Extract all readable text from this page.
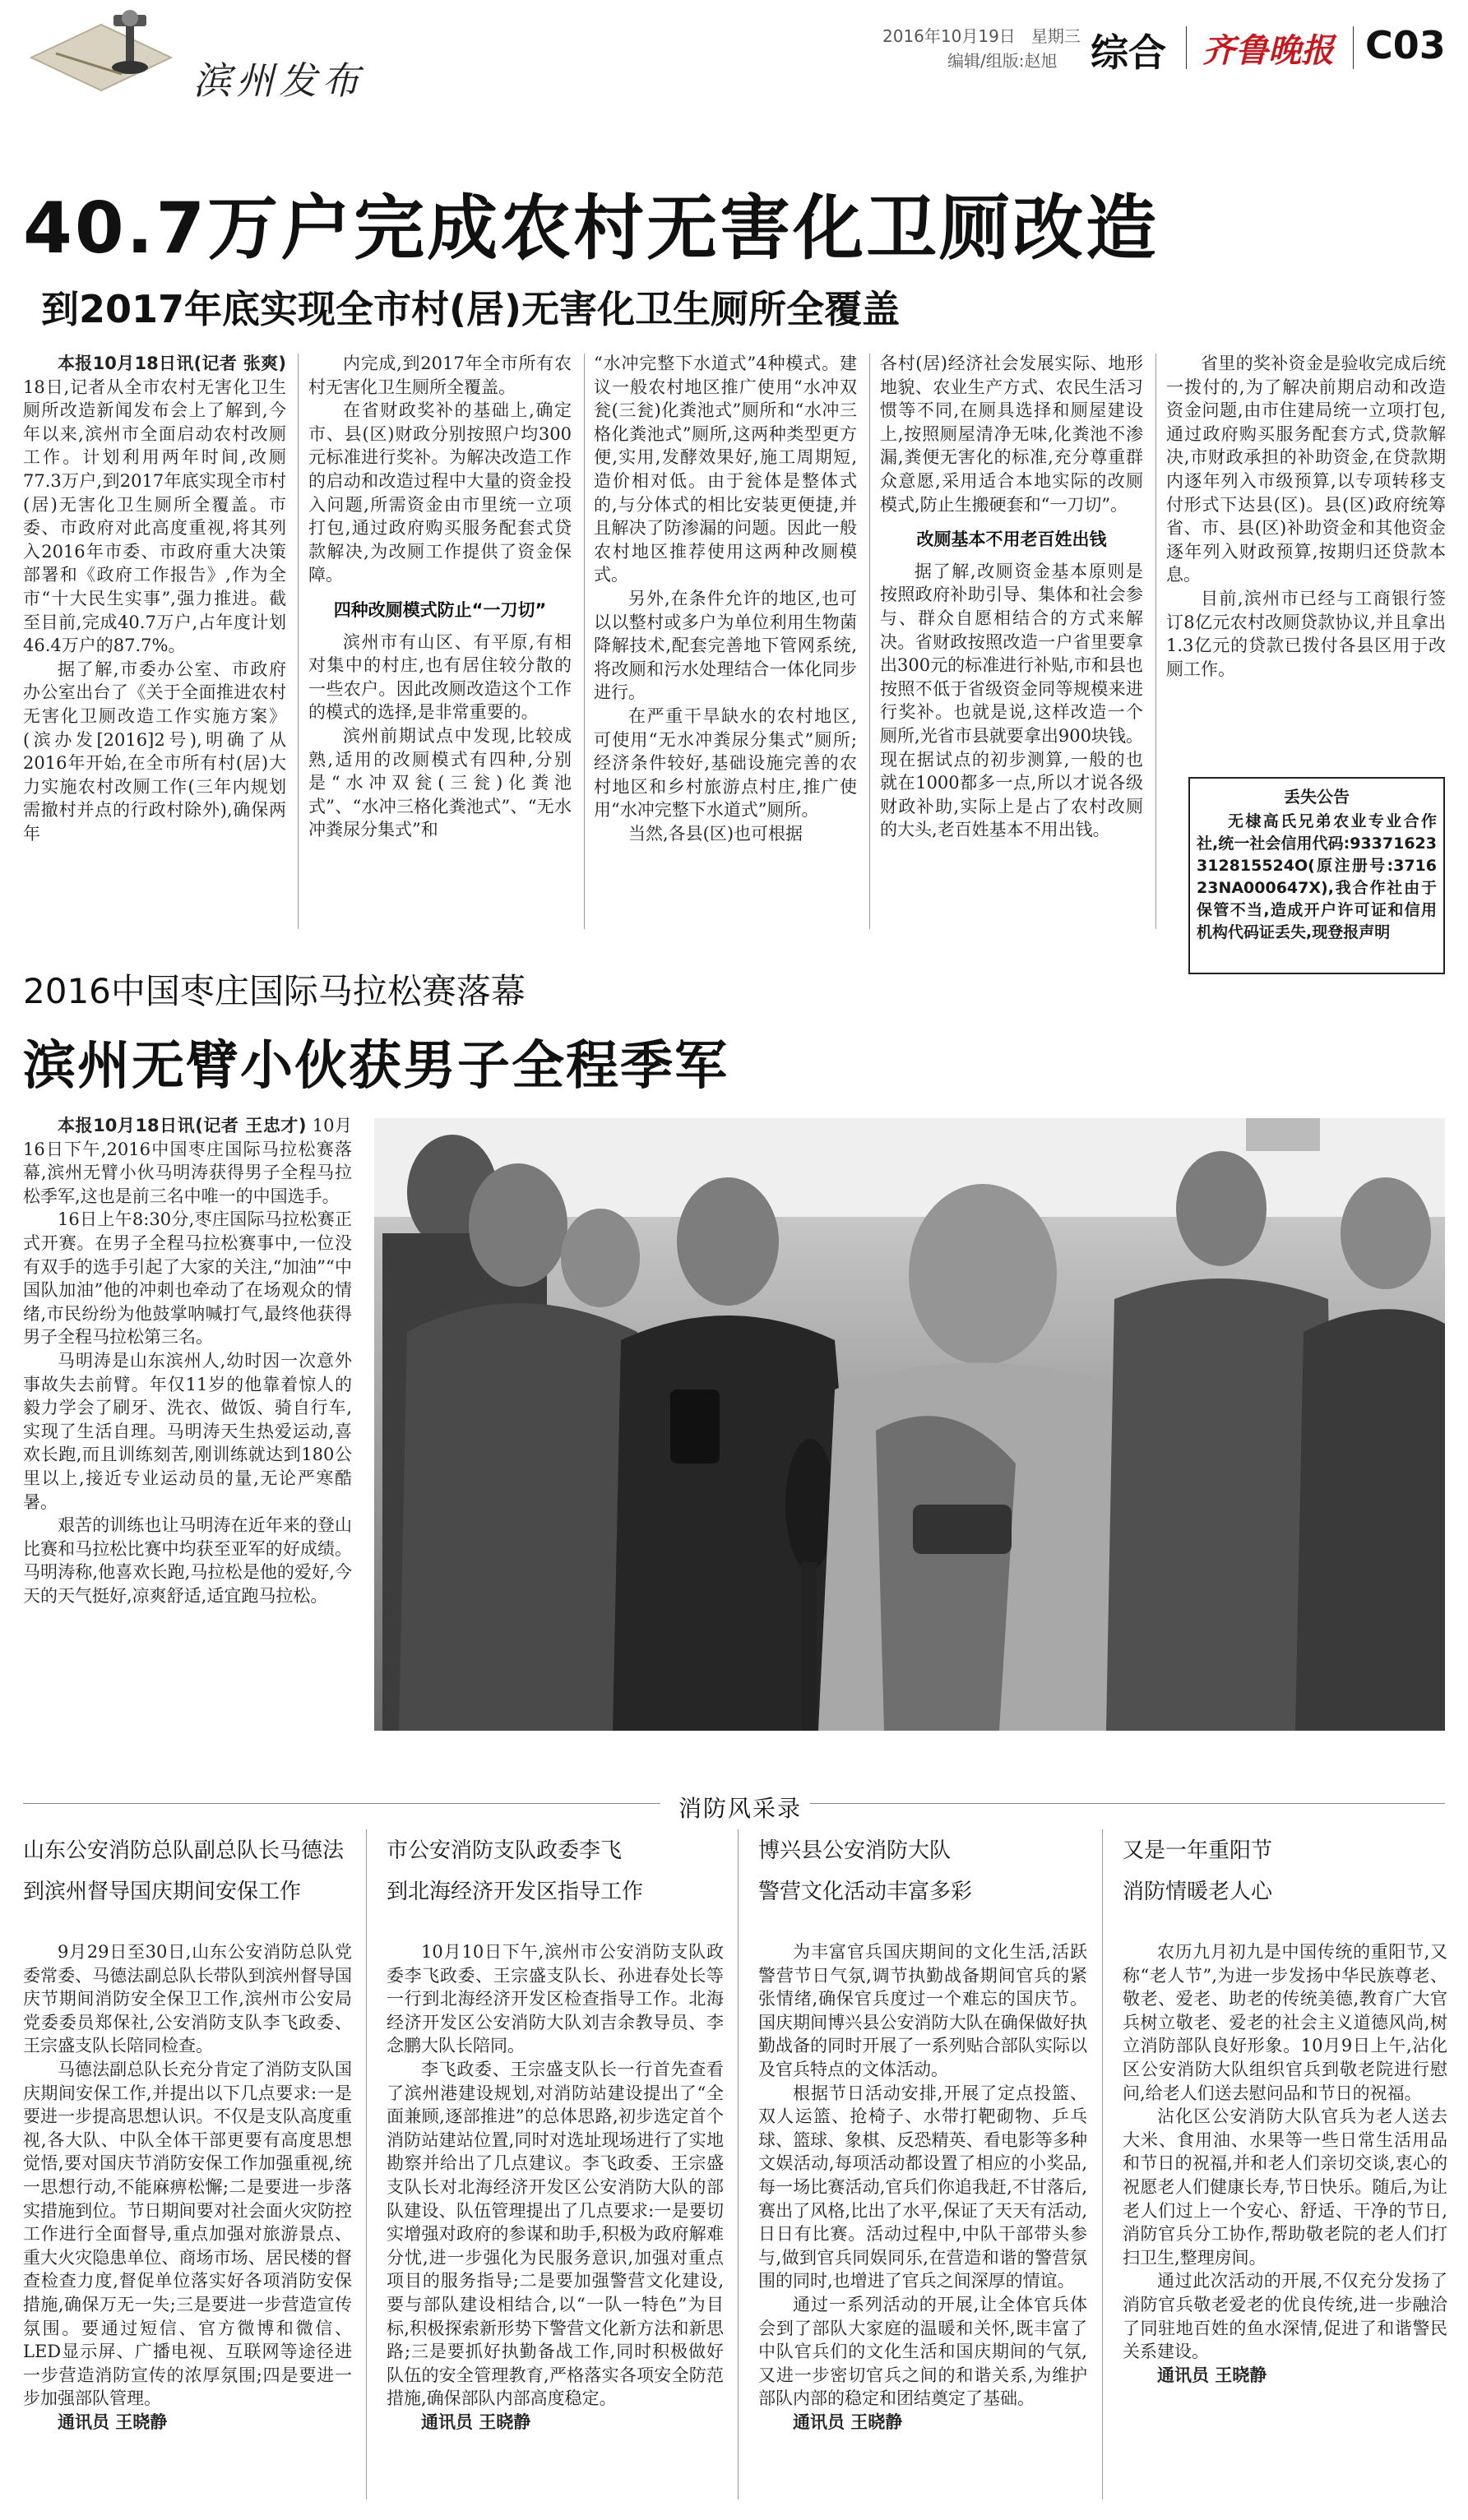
滨州发布
2016年10月19日   星期三
编辑/组版:赵旭 综合 齐鲁晚报 C03
40.7万户完成农村无害化卫厕改造
到2017年底实现全市村(居)无害化卫生厕所全覆盖

本报10月18日讯(记者 张爽) 18日,记者从全市农村无害化卫生厕所改造新闻发布会上了解到,今年以来,滨州市全面启动农村改厕工作。计划利用两年时间,改厕77.3万户,到2017年底实现全市村(居)无害化卫生厕所全覆盖。市委、市政府对此高度重视,将其列入2016年市委、市政府重大决策部署和《政府工作报告》,作为全市“十大民生实事”,强力推进。截至目前,完成40.7万户,占年度计划46.4万户的87.7%。

据了解,市委办公室、市政府办公室出台了《关于全面推进农村无害化卫厕改造工作实施方案》(滨办发[2016]2号),明确了从2016年开始,在全市所有村(居)大力实施农村改厕工作(三年内规划需撤村并点的行政村除外),确保两年

内完成,到2017年全市所有农村无害化卫生厕所全覆盖。

在省财政奖补的基础上,确定市、县(区)财政分别按照户均300元标准进行奖补。为解决改造工作的启动和改造过程中大量的资金投入问题,所需资金由市里统一立项打包,通过政府购买服务配套式贷款解决,为改厕工作提供了资金保障。

四种改厕模式防止“一刀切”

滨州市有山区、有平原,有相对集中的村庄,也有居住较分散的一些农户。因此改厕改造这个工作的模式的选择,是非常重要的。

滨州前期试点中发现,比较成熟,适用的改厕模式有四种,分别是“水冲双瓮(三瓮)化粪池式”、“水冲三格化粪池式”、“无水冲粪尿分集式”和

“水冲完整下水道式”4种模式。建议一般农村地区推广使用“水冲双瓮(三瓮)化粪池式”厕所和“水冲三格化粪池式”厕所,这两种类型更方便,实用,发酵效果好,施工周期短,造价相对低。由于瓮体是整体式的,与分体式的相比安装更便捷,并且解决了防渗漏的问题。因此一般农村地区推荐使用这两种改厕模式。

另外,在条件允许的地区,也可以以整村或多户为单位利用生物菌降解技术,配套完善地下管网系统,将改厕和污水处理结合一体化同步进行。

在严重干旱缺水的农村地区,可使用“无水冲粪尿分集式”厕所;经济条件较好,基础设施完善的农村地区和乡村旅游点村庄,推广使用“水冲完整下水道式”厕所。

当然,各县(区)也可根据

各村(居)经济社会发展实际、地形地貌、农业生产方式、农民生活习惯等不同,在厕具选择和厕屋建设上,按照厕屋清净无味,化粪池不渗漏,粪便无害化的标准,充分尊重群众意愿,采用适合本地实际的改厕模式,防止生搬硬套和“一刀切”。

改厕基本不用老百姓出钱

据了解,改厕资金基本原则是按照政府补助引导、集体和社会参与、群众自愿相结合的方式来解决。省财政按照改造一户省里要拿出300元的标准进行补贴,市和县也按照不低于省级资金同等规模来进行奖补。也就是说,这样改造一个厕所,光省市县就要拿出900块钱。现在据试点的初步测算,一般的也就在1000都多一点,所以才说各级财政补助,实际上是占了农村改厕的大头,老百姓基本不用出钱。

省里的奖补资金是验收完成后统一拨付的,为了解决前期启动和改造资金问题,由市住建局统一立项打包,通过政府购买服务配套方式,贷款解决,市财政承担的补助资金,在贷款期内逐年列入市级预算,以专项转移支付形式下达县(区)。县(区)政府统筹省、市、县(区)补助资金和其他资金逐年列入财政预算,按期归还贷款本息。

目前,滨州市已经与工商银行签订8亿元农村改厕贷款协议,并且拿出1.3亿元的贷款已拨付各县区用于改厕工作。

丢失公告
无棣高氏兄弟农业专业合作社,统一社会信用代码:93371623312815524O(原注册号:371623NA000647X),我合作社由于保管不当,造成开户许可证和信用机构代码证丢失,现登报声明
2016中国枣庄国际马拉松赛落幕
滨州无臂小伙获男子全程季军

本报10月18日讯(记者 王忠才) 10月16日下午,2016中国枣庄国际马拉松赛落幕,滨州无臂小伙马明涛获得男子全程马拉松季军,这也是前三名中唯一的中国选手。

16日上午8:30分,枣庄国际马拉松赛正式开赛。在男子全程马拉松赛事中,一位没有双手的选手引起了大家的关注,“加油”“中国队加油”他的冲刺也牵动了在场观众的情绪,市民纷纷为他鼓掌呐喊打气,最终他获得男子全程马拉松第三名。

马明涛是山东滨州人,幼时因一次意外事故失去前臂。年仅11岁的他靠着惊人的毅力学会了刷牙、洗衣、做饭、骑自行车,实现了生活自理。马明涛天生热爱运动,喜欢长跑,而且训练刻苦,刚训练就达到180公里以上,接近专业运动员的量,无论严寒酷暑。

艰苦的训练也让马明涛在近年来的登山比赛和马拉松比赛中均获至亚军的好成绩。马明涛称,他喜欢长跑,马拉松是他的爱好,今天的天气挺好,凉爽舒适,适宜跑马拉松。

消防风采录
山东公安消防总队副总队长马德法
到滨州督导国庆期间安保工作

9月29日至30日,山东公安消防总队党委常委、马德法副总队长带队到滨州督导国庆节期间消防安全保卫工作,滨州市公安局党委委员郑保社,公安消防支队李飞政委、王宗盛支队长陪同检查。

马德法副总队长充分肯定了消防支队国庆期间安保工作,并提出以下几点要求:一是要进一步提高思想认识。不仅是支队高度重视,各大队、中队全体干部更要有高度思想觉悟,要对国庆节消防安保工作加强重视,统一思想行动,不能麻痹松懈;二是要进一步落实措施到位。节日期间要对社会面火灾防控工作进行全面督导,重点加强对旅游景点、重大火灾隐患单位、商场市场、居民楼的督查检查力度,督促单位落实好各项消防安保措施,确保万无一失;三是要进一步营造宣传氛围。要通过短信、官方微博和微信、LED显示屏、广播电视、互联网等途径进一步营造消防宣传的浓厚氛围;四是要进一步加强部队管理。

通讯员 王晓静

市公安消防支队政委李飞
到北海经济开发区指导工作

10月10日下午,滨州市公安消防支队政委李飞政委、王宗盛支队长、孙进春处长等一行到北海经济开发区检查指导工作。北海经济开发区公安消防大队刘吉余教导员、李念鹏大队长陪同。

李飞政委、王宗盛支队长一行首先查看了滨州港建设规划,对消防站建设提出了“全面兼顾,逐部推进”的总体思路,初步选定首个消防站建站位置,同时对选址现场进行了实地勘察并给出了几点建议。李飞政委、王宗盛支队长对北海经济开发区公安消防大队的部队建设、队伍管理提出了几点要求:一是要切实增强对政府的参谋和助手,积极为政府解难分忧,进一步强化为民服务意识,加强对重点项目的服务指导;二是要加强警营文化建设,要与部队建设相结合,以“一队一特色”为目标,积极探索新形势下警营文化新方法和新思路;三是要抓好执勤备战工作,同时积极做好队伍的安全管理教育,严格落实各项安全防范措施,确保部队内部高度稳定。

通讯员 王晓静

博兴县公安消防大队
警营文化活动丰富多彩

为丰富官兵国庆期间的文化生活,活跃警营节日气氛,调节执勤战备期间官兵的紧张情绪,确保官兵度过一个难忘的国庆节。国庆期间博兴县公安消防大队在确保做好执勤战备的同时开展了一系列贴合部队实际以及官兵特点的文体活动。

根据节日活动安排,开展了定点投篮、双人运篮、抢椅子、水带打靶砌物、乒乓球、篮球、象棋、反恐精英、看电影等多种文娱活动,每项活动都设置了相应的小奖品,每一场比赛活动,官兵们你追我赶,不甘落后,赛出了风格,比出了水平,保证了天天有活动,日日有比赛。活动过程中,中队干部带头参与,做到官兵同娱同乐,在营造和谐的警营氛围的同时,也增进了官兵之间深厚的情谊。

通过一系列活动的开展,让全体官兵体会到了部队大家庭的温暖和关怀,既丰富了中队官兵们的文化生活和国庆期间的气氛,又进一步密切官兵之间的和谐关系,为维护部队内部的稳定和团结奠定了基础。

通讯员 王晓静

又是一年重阳节
消防情暖老人心

农历九月初九是中国传统的重阳节,又称“老人节”,为进一步发扬中华民族尊老、敬老、爱老、助老的传统美德,教育广大官兵树立敬老、爱老的社会主义道德风尚,树立消防部队良好形象。10月9日上午,沾化区公安消防大队组织官兵到敬老院进行慰问,给老人们送去慰问品和节日的祝福。

沾化区公安消防大队官兵为老人送去大米、食用油、水果等一些日常生活用品和节日的祝福,并和老人们亲切交谈,衷心的祝愿老人们健康长寿,节日快乐。随后,为让老人们过上一个安心、舒适、干净的节日,消防官兵分工协作,帮助敬老院的老人们打扫卫生,整理房间。

通过此次活动的开展,不仅充分发扬了消防官兵敬老爱老的优良传统,进一步融洽了同驻地百姓的鱼水深情,促进了和谐警民关系建设。

通讯员 王晓静
